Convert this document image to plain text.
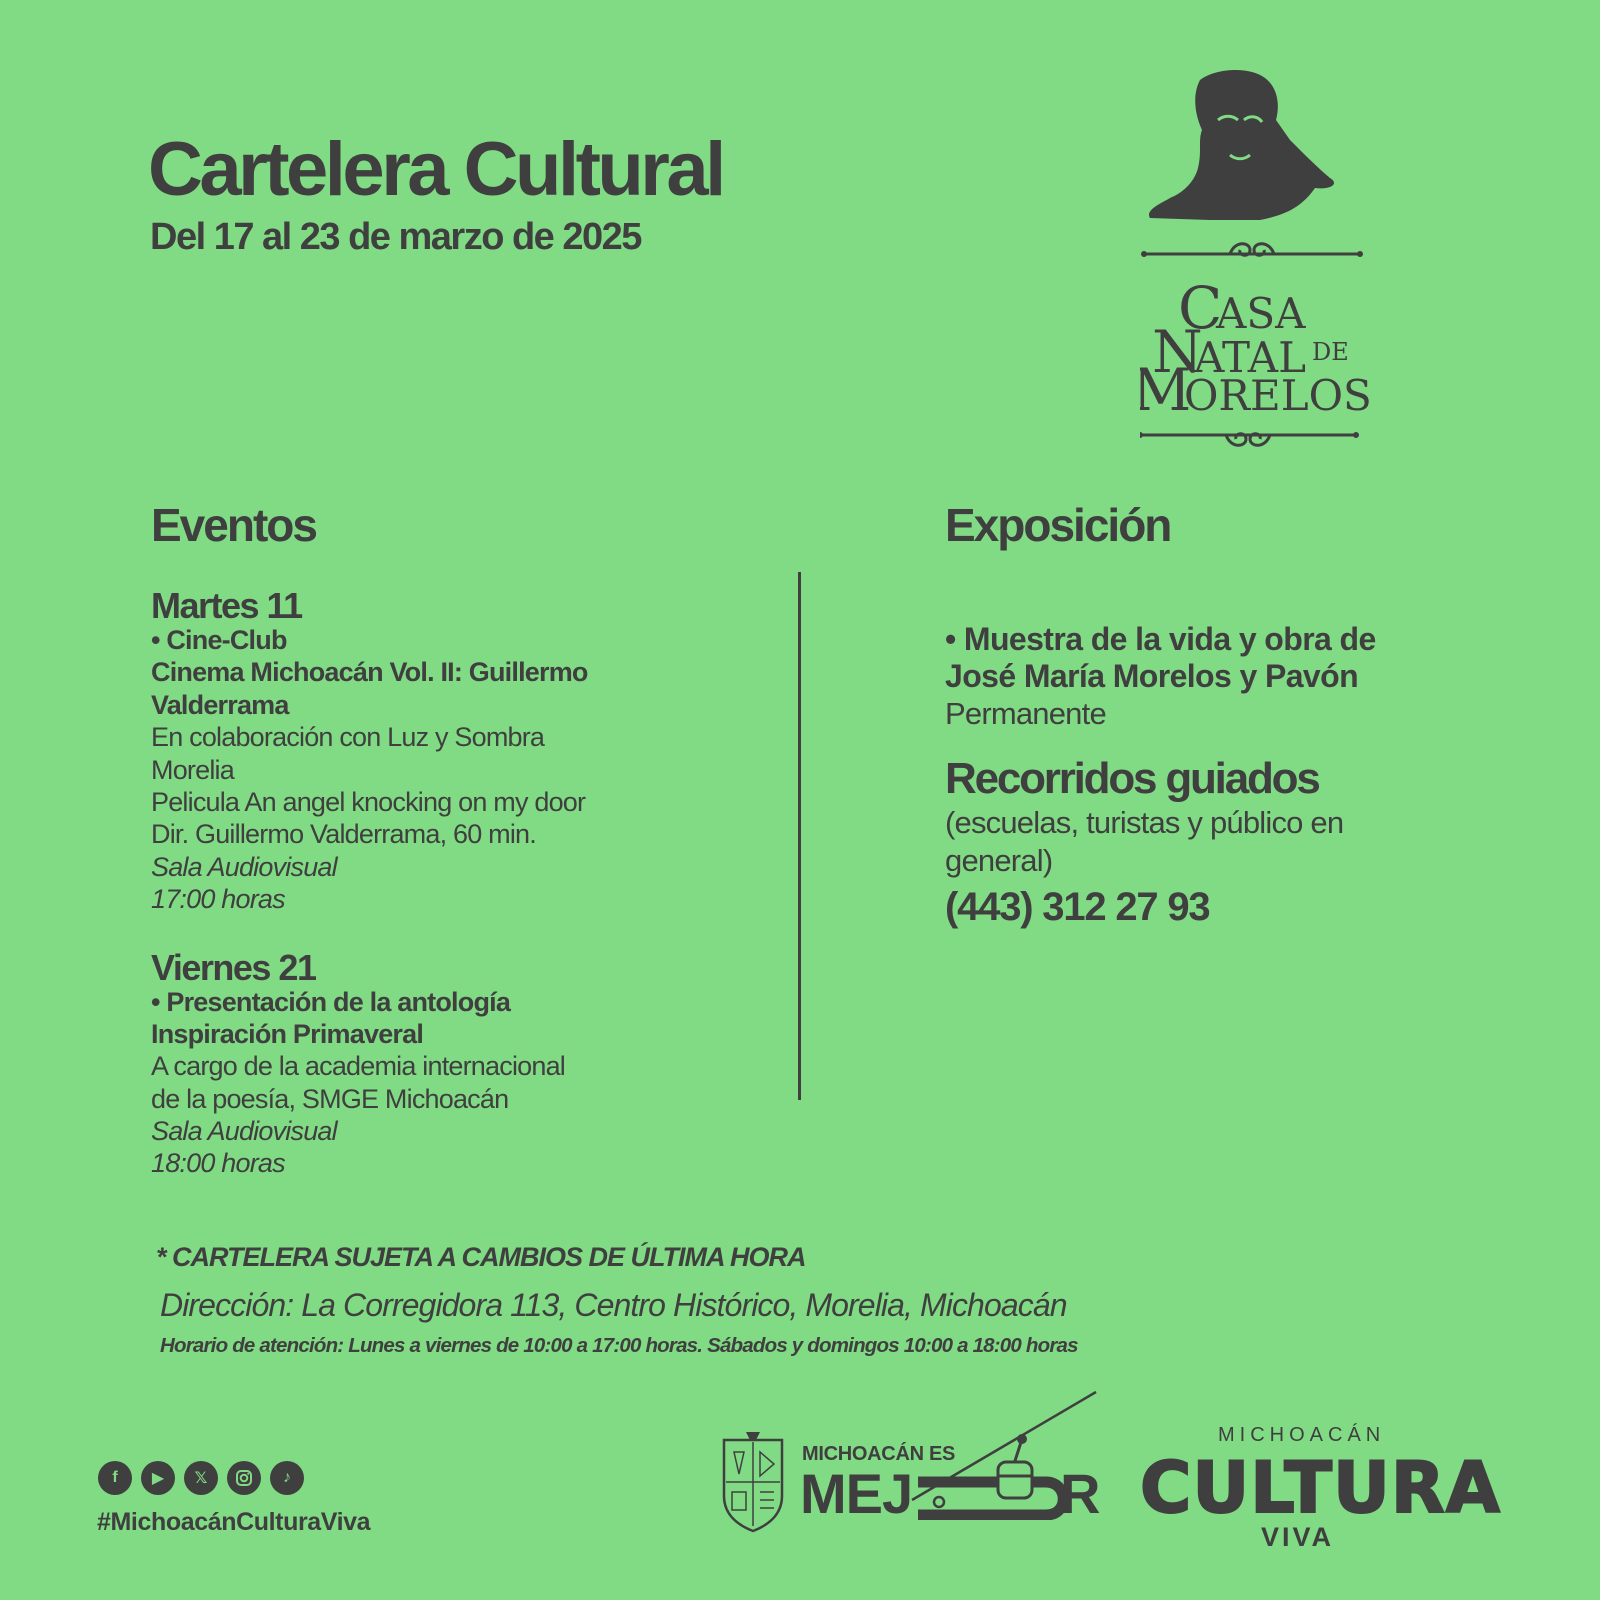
Cartelera Cultural
Del 17 al 23 de marzo de 2025
C
ASA
N
ATAL DE
M
ORELOS
Eventos
Martes 11
• Cine-Club
Cinema Michoacán Vol. II: Guillermo
Valderrama
En colaboración con Luz y Sombra
Morelia
Pelicula An angel knocking on my door
Dir. Guillermo Valderrama, 60 min.
Sala Audiovisual
17:00 horas
Viernes 21
• Presentación de la antología
Inspiración Primaveral
A cargo de la academia internacional
de la poesía, SMGE Michoacán
Sala Audiovisual
18:00 horas
Exposición
• Muestra de la vida y obra de
José María Morelos y Pavón
Permanente
Recorridos guiados
(escuelas, turistas y público en
general)
(443) 312 27 93
* CARTELERA SUJETA A CAMBIOS DE ÚLTIMA HORA
Dirección: La Corregidora 113, Centro Histórico, Morelia, Michoacán
Horario de atención: Lunes a viernes de 10:00 a 17:00 horas. Sábados y domingos 10:00 a 18:00 horas
f	▶	𝕏	♪
#MichoacánCulturaViva
MICHOACÁN ES
MEJ	R
MICHOACÁN
CULTURA
VIVA
